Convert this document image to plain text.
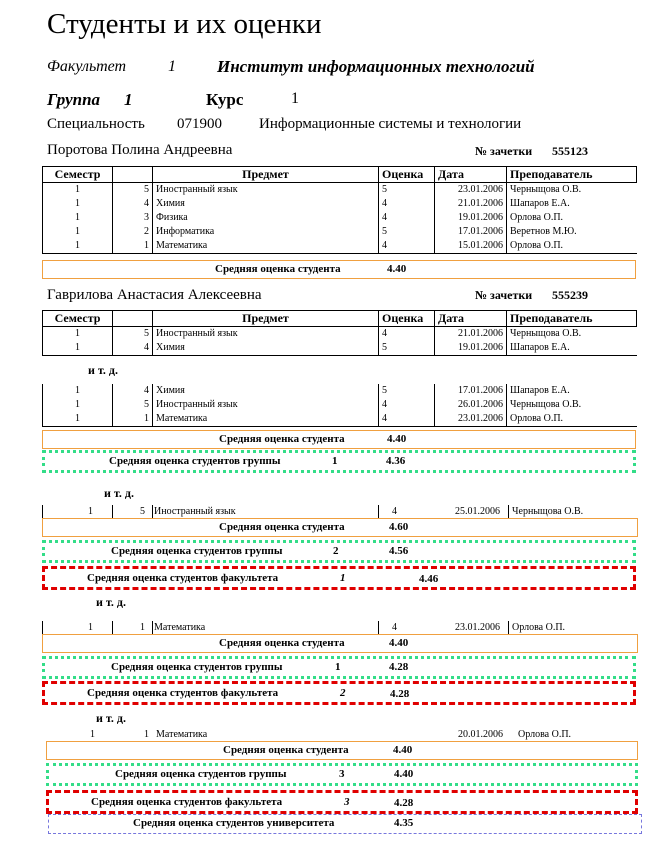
Студенты и их оценки
Факультет	1 Институт информационных технологий
Группа 1	Курс	1
Специальность 071900 Информационные системы и технологии
Поротова Полина Андреевна	№ зачетки 555123
Семестр		Предмет	Оценка	Дата	Преподаватель
1	5	Иностранный язык	5	23.01.2006	Черныщова О.В.
1	4	Химия	4	21.01.2006	Шапаров Е.А.
1	3	Физика	4	19.01.2006	Орлова О.П.
1	2	Информатика	5	17.01.2006	Веретнов М.Ю.
1	1	Математика	4	15.01.2006	Орлова О.П.
Средняя оценка студента	4.40
Гаврилова Анастасия Алексеевна	№ зачетки 555239
Семестр		Предмет	Оценка	Дата	Преподаватель
1	5	Иностранный язык	4	21.01.2006	Черныщова О.В.
1	4	Химия	5	19.01.2006	Шапаров Е.А.
и т. д.
1	4	Химия	5	17.01.2006	Шапаров Е.А.
1	5	Иностранный язык	4	26.01.2006	Черныщова О.В.
1	1	Математика	4	23.01.2006	Орлова О.П.
Средняя оценка студента	4.40
Средняя оценка студентов группы	1	4.36
и т. д.
1	5 Иностранный язык	4	25.01.2006 Черныщова О.В.
Средняя оценка студента	4.60
Средняя оценка студентов группы	2	4.56
Средняя оценка студентов факультета	1	4.46
и т. д.
1	1 Математика	4	23.01.2006 Орлова О.П.
Средняя оценка студента	4.40
Средняя оценка студентов группы	1	4.28
Средняя оценка студентов факультета	2	4.28
и т. д.
1	1 Математика	20.01.2006 Орлова О.П.
Средняя оценка студента	4.40
Средняя оценка студентов группы	3	4.40
Средняя оценка студентов факультета	3	4.28
Средняя оценка студентов университета	4.35
